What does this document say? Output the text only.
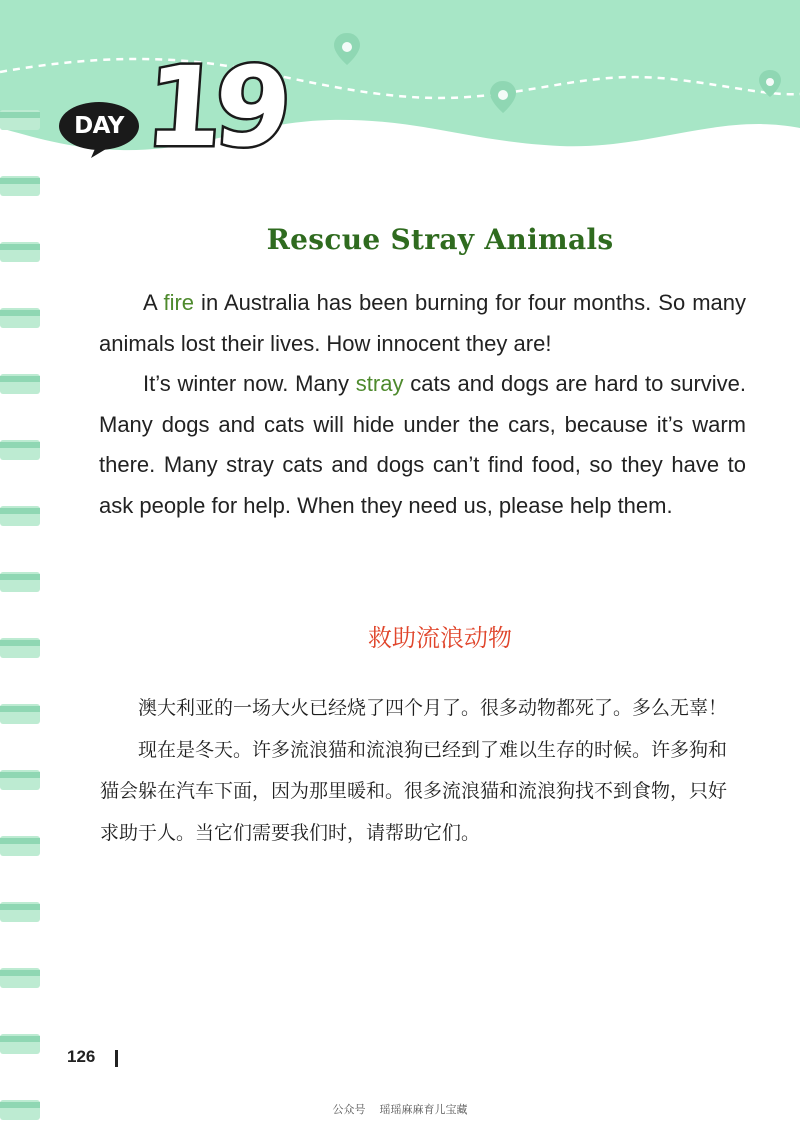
DAY 19
Rescue Stray Animals

A fire in Australia has been burning for four months. So many animals lost their lives. How innocent they are!

It’s winter now. Many stray cats and dogs are hard to survive. Many dogs and cats will hide under the cars, because it’s warm there. Many stray cats and dogs can’t find food, so they have to ask people for help. When they need us, please help them.

救助流浪动物

澳大利亚的一场大火已经烧了四个月了。很多动物都死了。多么无辜！

现在是冬天。许多流浪猫和流浪狗已经到了难以生存的时候。许多狗和猫会躲在汽车下面，因为那里暖和。很多流浪猫和流浪狗找不到食物，只好求助于人。当它们需要我们时，请帮助它们。

126
公众号 瑶瑶麻麻育儿宝藏
